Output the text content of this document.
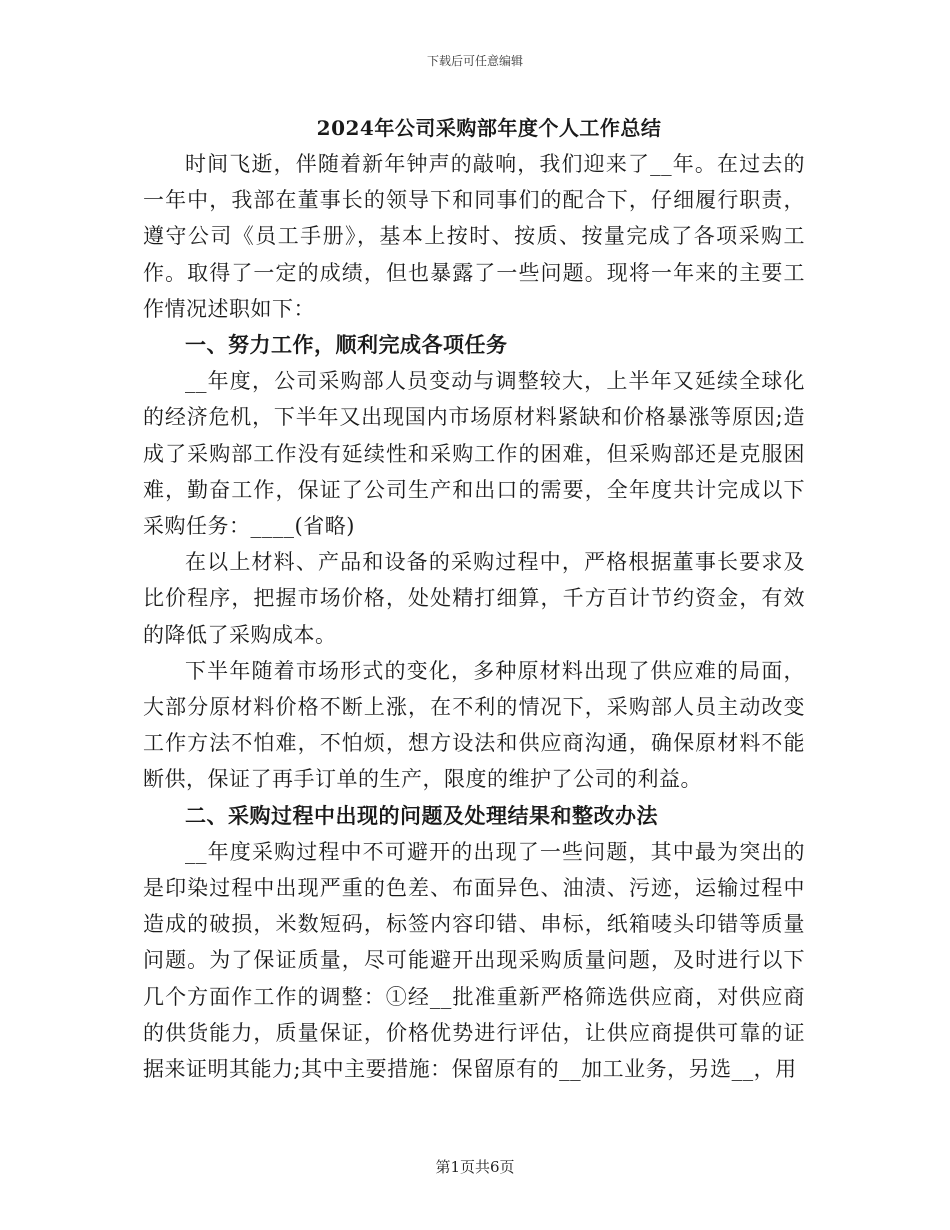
下载后可任意编辑
2024年公司采购部年度个人工作总结

时间飞逝，伴随着新年钟声的敲响，我们迎来了__年。在过去的一年中，我部在董事长的领导下和同事们的配合下，仔细履行职责，遵守公司《员工手册》，基本上按时、按质、按量完成了各项采购工作。取得了一定的成绩，但也暴露了一些问题。现将一年来的主要工作情况述职如下：

一、努力工作，顺利完成各项任务

__年度，公司采购部人员变动与调整较大，上半年又延续全球化的经济危机，下半年又出现国内市场原材料紧缺和价格暴涨等原因;造成了采购部工作没有延续性和采购工作的困难，但采购部还是克服困难，勤奋工作，保证了公司生产和出口的需要，全年度共计完成以下采购任务：____(省略)

在以上材料、产品和设备的采购过程中，严格根据董事长要求及比价程序，把握市场价格，处处精打细算，千方百计节约资金，有效的降低了采购成本。

下半年随着市场形式的变化，多种原材料出现了供应难的局面，大部分原材料价格不断上涨，在不利的情况下，采购部人员主动改变工作方法不怕难，不怕烦，想方设法和供应商沟通，确保原材料不能断供，保证了再手订单的生产，限度的维护了公司的利益。

二、采购过程中出现的问题及处理结果和整改办法

__年度采购过程中不可避开的出现了一些问题，其中最为突出的是印染过程中出现严重的色差、布面异色、油渍、污迹，运输过程中造成的破损，米数短码，标签内容印错、串标，纸箱唛头印错等质量问题。为了保证质量，尽可能避开出现采购质量问题，及时进行以下几个方面作工作的调整：①经__批准重新严格筛选供应商，对供应商的供货能力，质量保证，价格优势进行评估，让供应商提供可靠的证据来证明其能力;其中主要措施：保留原有的__加工业务，另选__，用

第1页共6页
